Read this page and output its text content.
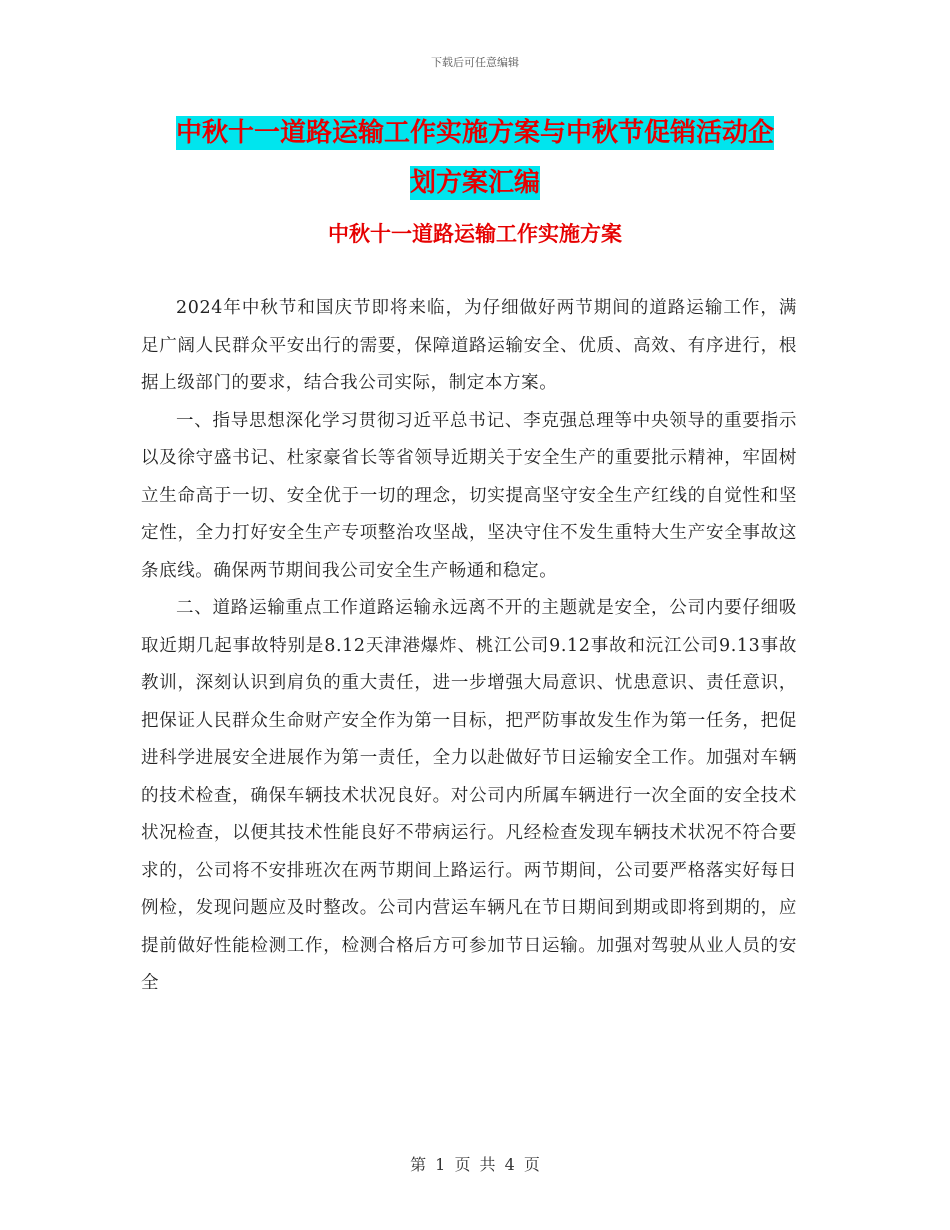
下载后可任意编辑
中秋十一道路运输工作实施方案与中秋节促销活动企
划方案汇编
中秋十一道路运输工作实施方案

2024年中秋节和国庆节即将来临，为仔细做好两节期间的道路运输工作，满足广阔人民群众平安出行的需要，保障道路运输安全、优质、高效、有序进行，根据上级部门的要求，结合我公司实际，制定本方案。

一、指导思想深化学习贯彻习近平总书记、李克强总理等中央领导的重要指示以及徐守盛书记、杜家豪省长等省领导近期关于安全生产的重要批示精神，牢固树立生命高于一切、安全优于一切的理念，切实提高坚守安全生产红线的自觉性和坚定性，全力打好安全生产专项整治攻坚战，坚决守住不发生重特大生产安全事故这条底线。确保两节期间我公司安全生产畅通和稳定。

二、道路运输重点工作道路运输永远离不开的主题就是安全，公司内要仔细吸取近期几起事故特别是8.12天津港爆炸、桃江公司9.12事故和沅江公司9.13事故教训，深刻认识到肩负的重大责任，进一步增强大局意识、忧患意识、责任意识，把保证人民群众生命财产安全作为第一目标，把严防事故发生作为第一任务，把促进科学进展安全进展作为第一责任，全力以赴做好节日运输安全工作。加强对车辆的技术检查，确保车辆技术状况良好。对公司内所属车辆进行一次全面的安全技术状况检查，以便其技术性能良好不带病运行。凡经检查发现车辆技术状况不符合要求的，公司将不安排班次在两节期间上路运行。两节期间，公司要严格落实好每日例检，发现问题应及时整改。公司内营运车辆凡在节日期间到期或即将到期的，应提前做好性能检测工作，检测合格后方可参加节日运输。加强对驾驶从业人员的安全

第 1 页 共 4 页
